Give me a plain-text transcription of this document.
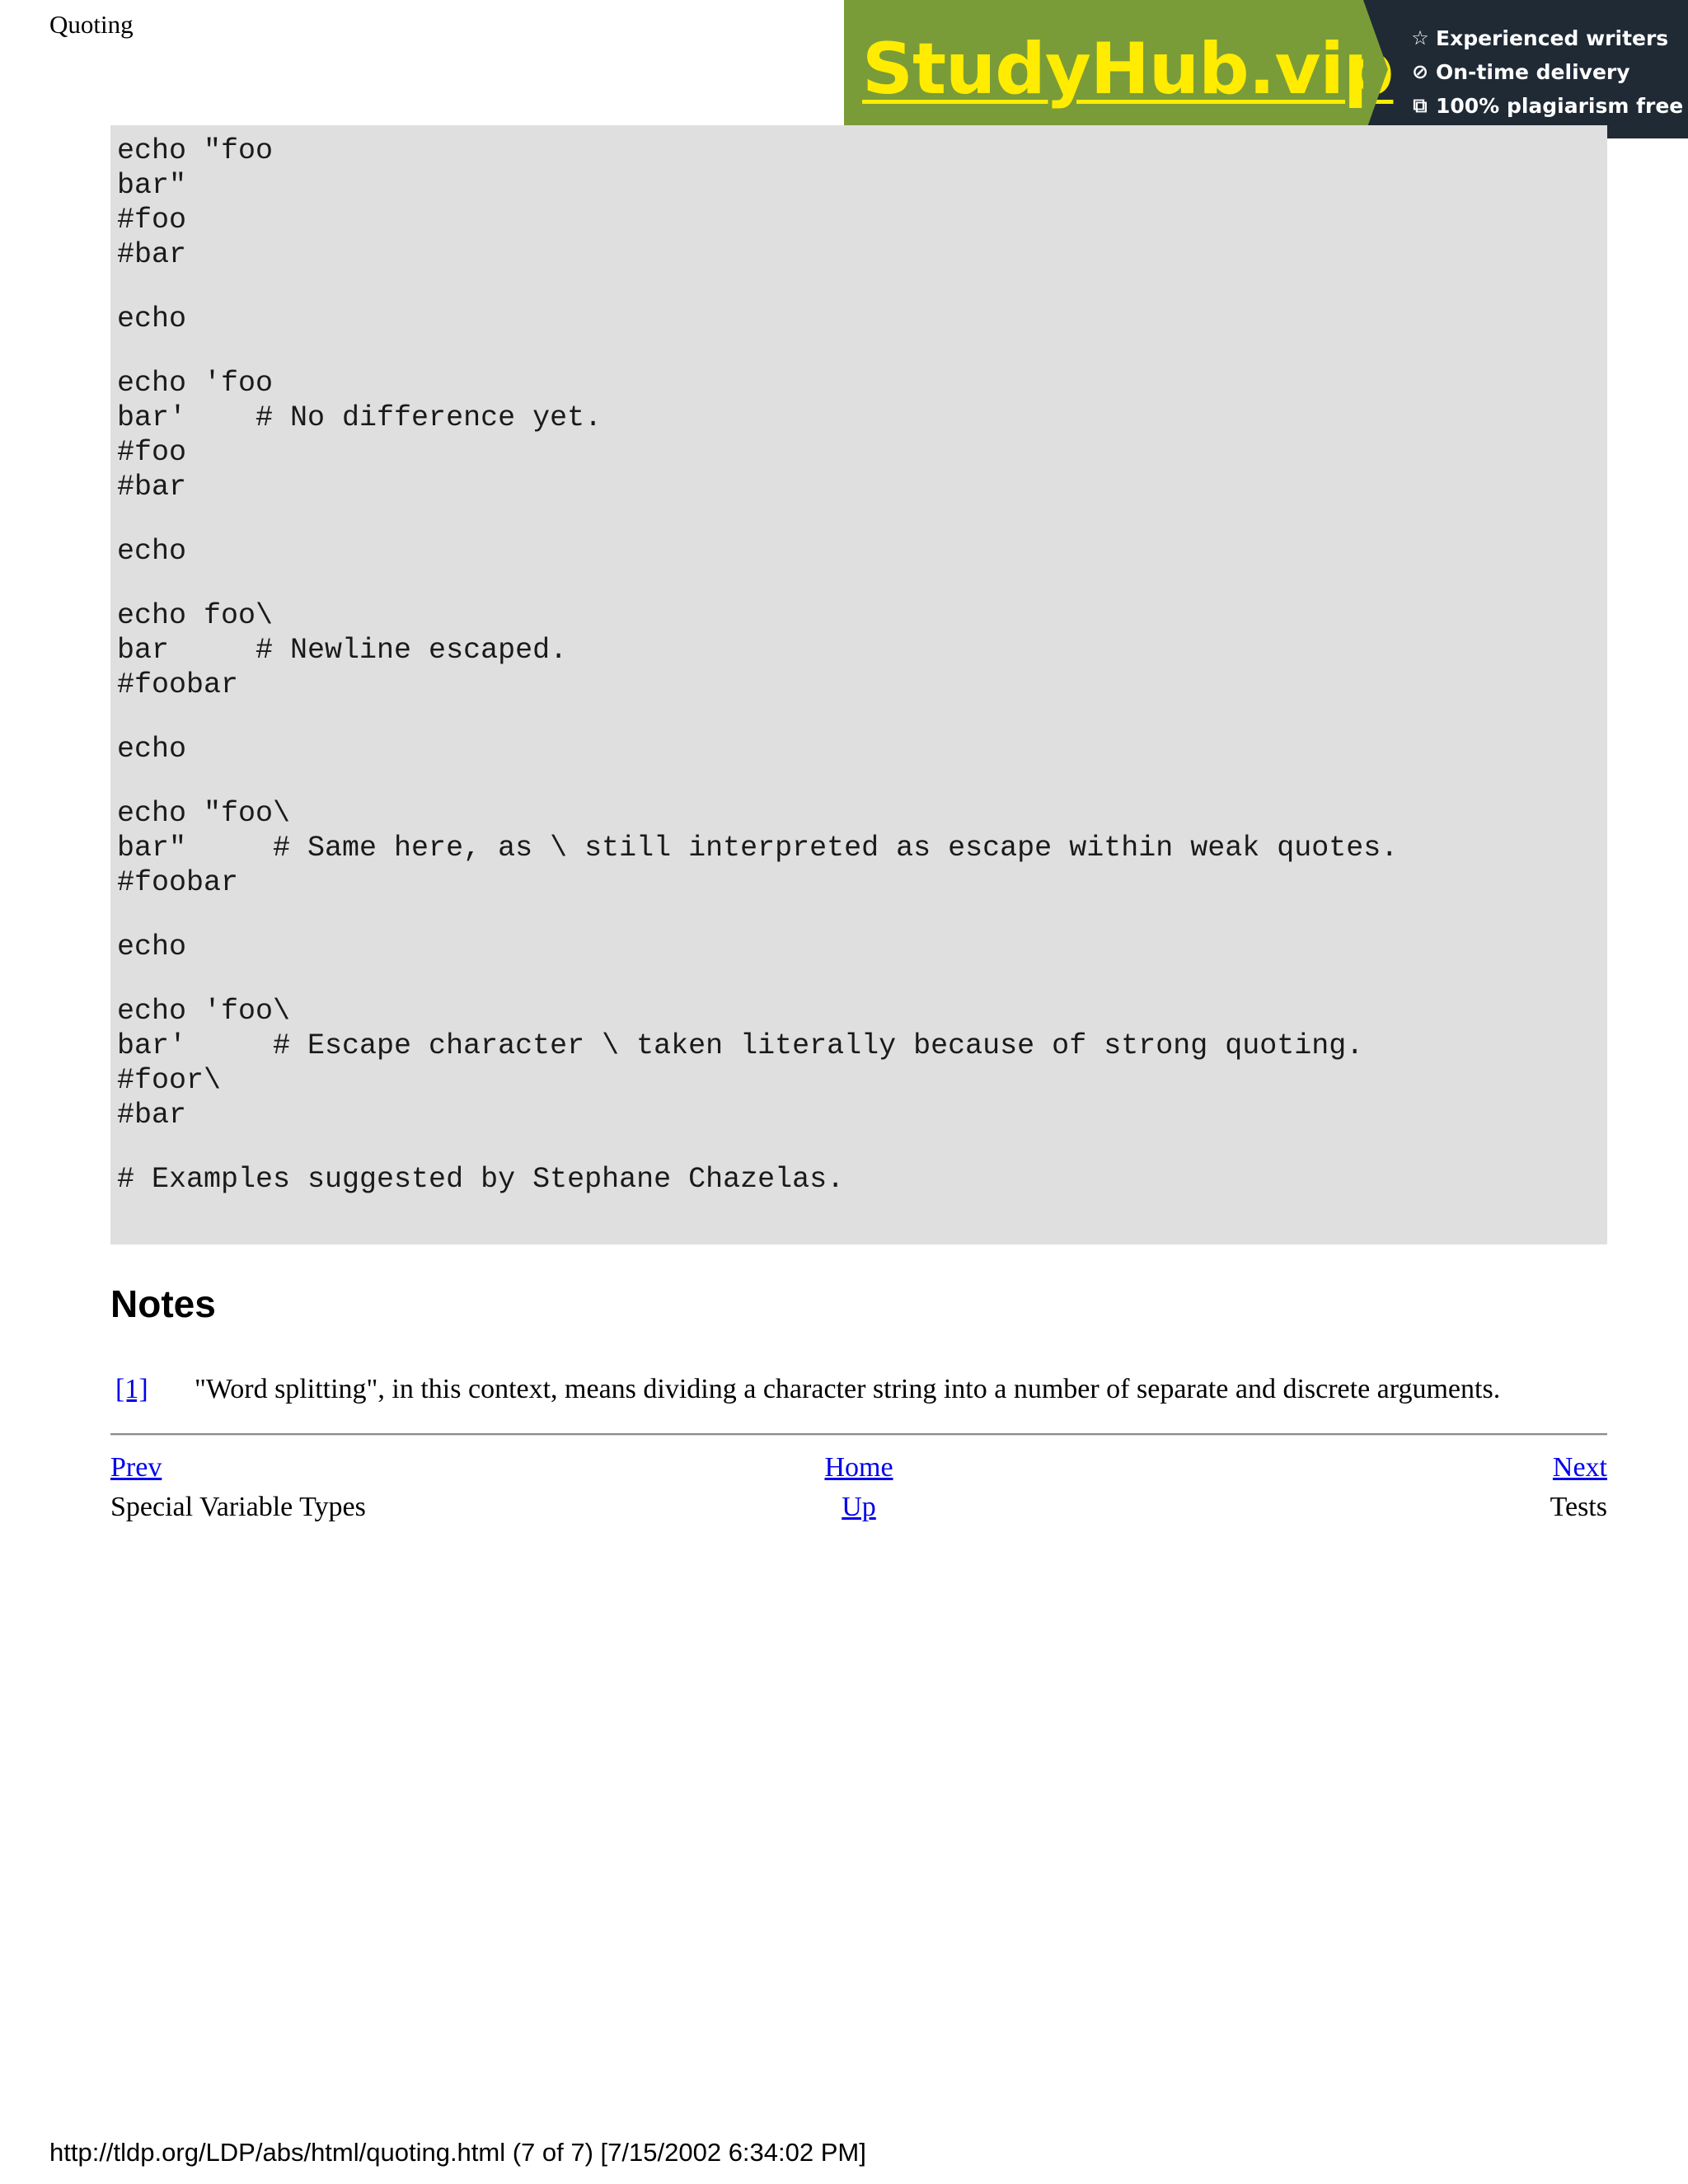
Quoting
StudyHub.vip ☆ Experienced writers
⊘ On-time delivery
⧉ 100% plagiarism free
echo "foo
bar"
#foo
#bar
echo
echo 'foo
bar'    # No difference yet.
#foo
#bar
echo
echo foo\
bar     # Newline escaped.
#foobar
echo
echo "foo\
bar"     # Same here, as \ still interpreted as escape within weak quotes.
#foobar
echo
echo 'foo\
bar'     # Escape character \ taken literally because of strong quoting.
#foor\
#bar
# Examples suggested by Stephane Chazelas.
Notes
[1]	"Word splitting", in this context, means dividing a character string into a number of separate and discrete arguments.
Prev	Home	Next
Special Variable Types	Up	Tests
http://tldp.org/LDP/abs/html/quoting.html (7 of 7) [7/15/2002 6:34:02 PM]
